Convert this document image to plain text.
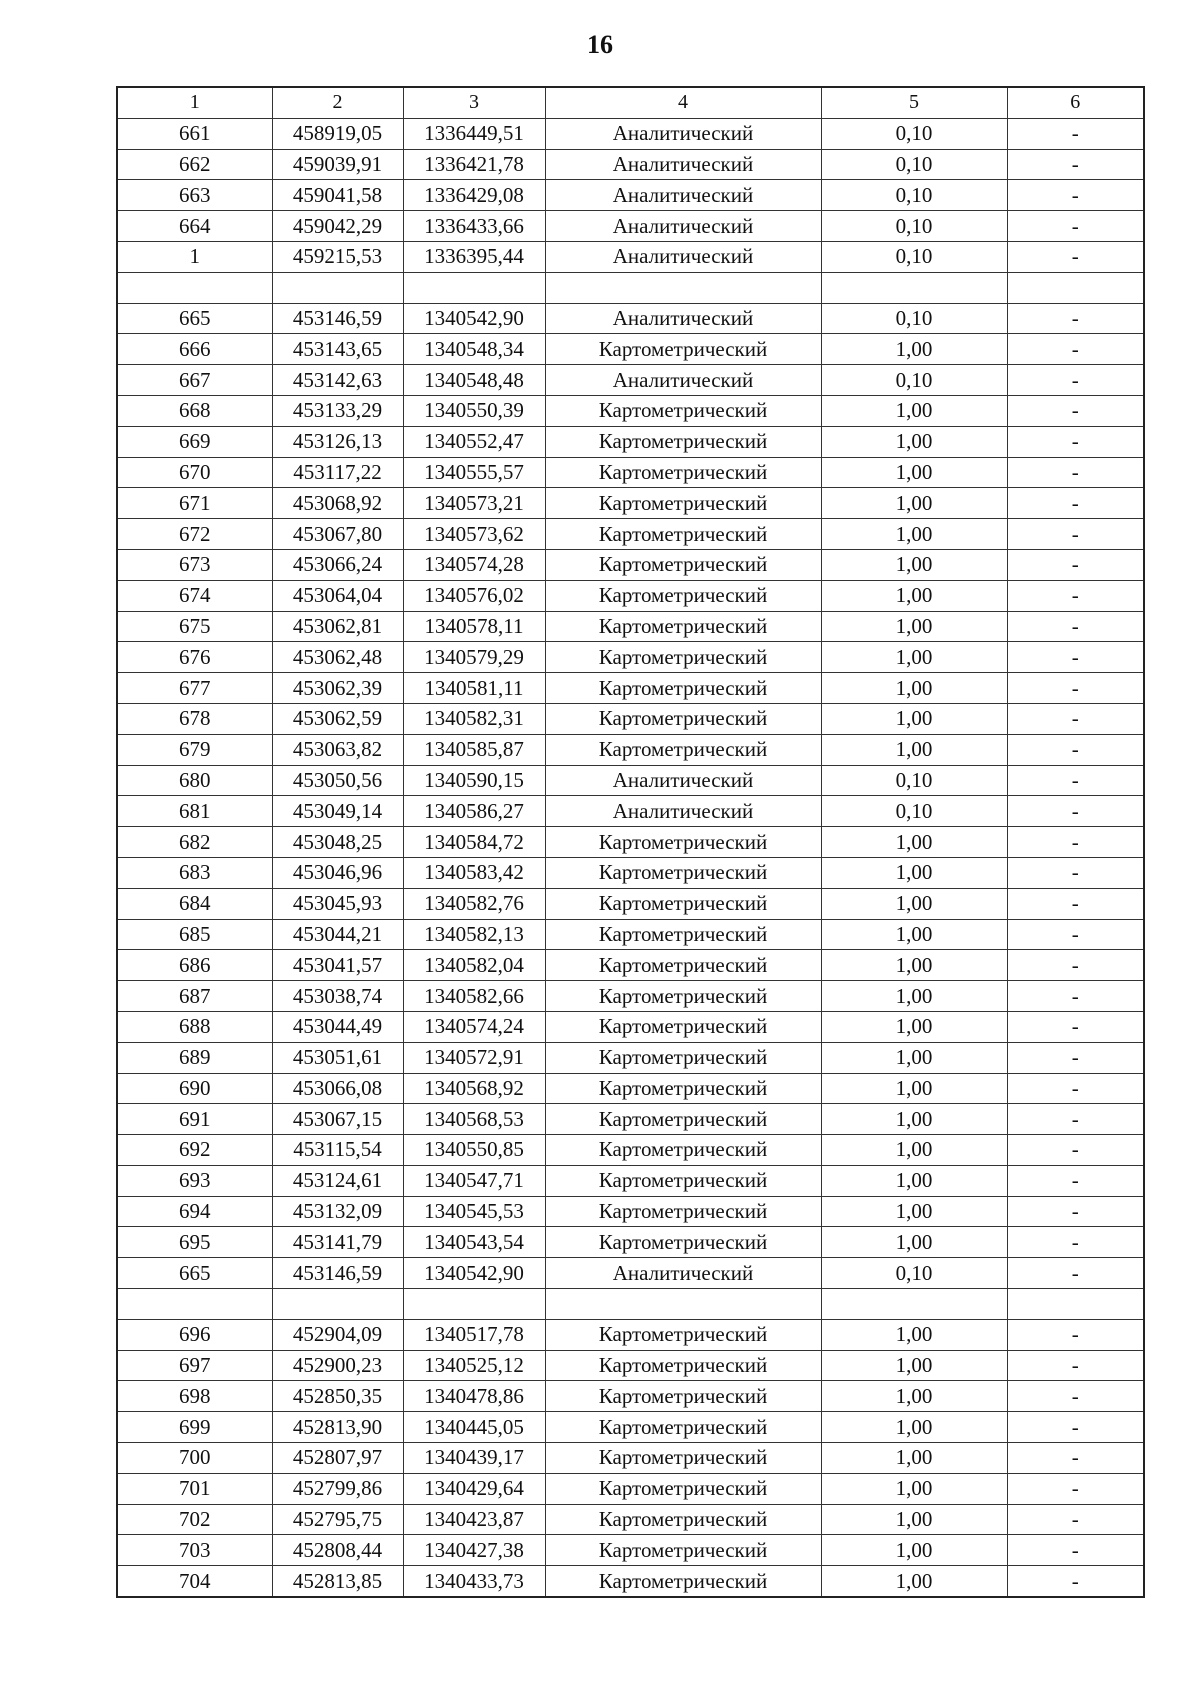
16
1	2	3	4	5	6
661	458919,05	1336449,51	Аналитический	0,10	-
662	459039,91	1336421,78	Аналитический	0,10	-
663	459041,58	1336429,08	Аналитический	0,10	-
664	459042,29	1336433,66	Аналитический	0,10	-
1	459215,53	1336395,44	Аналитический	0,10	-

665	453146,59	1340542,90	Аналитический	0,10	-
666	453143,65	1340548,34	Картометрический	1,00	-
667	453142,63	1340548,48	Аналитический	0,10	-
668	453133,29	1340550,39	Картометрический	1,00	-
669	453126,13	1340552,47	Картометрический	1,00	-
670	453117,22	1340555,57	Картометрический	1,00	-
671	453068,92	1340573,21	Картометрический	1,00	-
672	453067,80	1340573,62	Картометрический	1,00	-
673	453066,24	1340574,28	Картометрический	1,00	-
674	453064,04	1340576,02	Картометрический	1,00	-
675	453062,81	1340578,11	Картометрический	1,00	-
676	453062,48	1340579,29	Картометрический	1,00	-
677	453062,39	1340581,11	Картометрический	1,00	-
678	453062,59	1340582,31	Картометрический	1,00	-
679	453063,82	1340585,87	Картометрический	1,00	-
680	453050,56	1340590,15	Аналитический	0,10	-
681	453049,14	1340586,27	Аналитический	0,10	-
682	453048,25	1340584,72	Картометрический	1,00	-
683	453046,96	1340583,42	Картометрический	1,00	-
684	453045,93	1340582,76	Картометрический	1,00	-
685	453044,21	1340582,13	Картометрический	1,00	-
686	453041,57	1340582,04	Картометрический	1,00	-
687	453038,74	1340582,66	Картометрический	1,00	-
688	453044,49	1340574,24	Картометрический	1,00	-
689	453051,61	1340572,91	Картометрический	1,00	-
690	453066,08	1340568,92	Картометрический	1,00	-
691	453067,15	1340568,53	Картометрический	1,00	-
692	453115,54	1340550,85	Картометрический	1,00	-
693	453124,61	1340547,71	Картометрический	1,00	-
694	453132,09	1340545,53	Картометрический	1,00	-
695	453141,79	1340543,54	Картометрический	1,00	-
665	453146,59	1340542,90	Аналитический	0,10	-

696	452904,09	1340517,78	Картометрический	1,00	-
697	452900,23	1340525,12	Картометрический	1,00	-
698	452850,35	1340478,86	Картометрический	1,00	-
699	452813,90	1340445,05	Картометрический	1,00	-
700	452807,97	1340439,17	Картометрический	1,00	-
701	452799,86	1340429,64	Картометрический	1,00	-
702	452795,75	1340423,87	Картометрический	1,00	-
703	452808,44	1340427,38	Картометрический	1,00	-
704	452813,85	1340433,73	Картометрический	1,00	-
